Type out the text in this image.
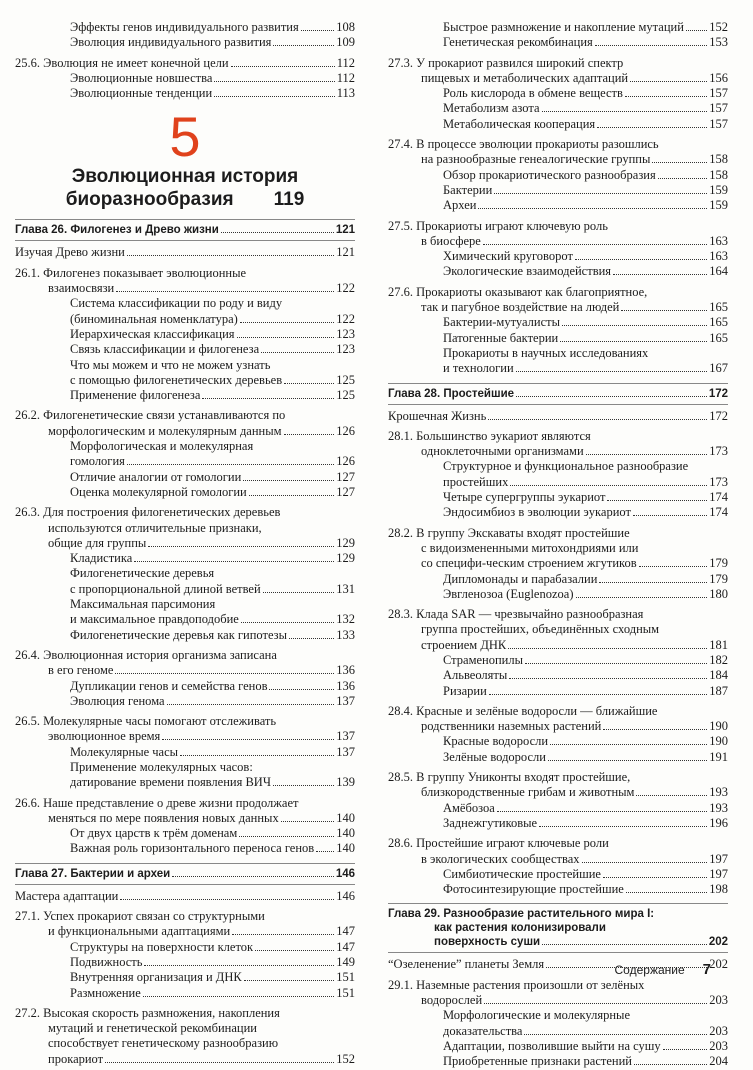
Эффекты генов индивидуального развития	108
Эволюция индивидуального развития	109
25.6. Эволюция не имеет конечной цели	112
Эволюционные новшества	112
Эволюционные тенденции	113
5
Эволюционная история
биоразнообразия 119
Глава 26. Филогенез и Древо жизни	121
Изучая Древо жизни	121
26.1. Филогенез показывает эволюционные
взаимосвязи	122
Система классификации по роду и виду
(биноминальная номенклатура)	122
Иерархическая классификация	123
Связь классификации и филогенеза	123
Что мы можем и что не можем узнать
с помощью филогенетических деревьев	125
Применение филогенеза	125
26.2. Филогенетические связи устанавливаются по
морфологическим и молекулярным данным	126
Морфологическая и молекулярная
гомология	126
Отличие аналогии от гомологии	127
Оценка молекулярной гомологии	127
26.3. Для построения филогенетических деревьев
используются отличительные признаки,
общие для группы	129
Кладистика	129
Филогенетические деревья
с пропорциональной длиной ветвей	131
Максимальная парсимония
и максимальное правдоподобие	132
Филогенетические деревья как гипотезы	133
26.4. Эволюционная история организма записана
в его геноме	136
Дупликации генов и семейства генов	136
Эволюция генома	137
26.5. Молекулярные часы помогают отслеживать
эволюционное время	137
Молекулярные часы	137
Применение молекулярных часов:
датирование времени появления ВИЧ	139
26.6. Наше представление о древе жизни продолжает
меняться по мере появления новых данных	140
От двух царств к трём доменам	140
Важная роль горизонтального переноса генов 140
Глава 27. Бактерии и археи	146
Мастера адаптации	146
27.1. Успех прокариот связан со структурными
и функциональными адаптациями	147
Структуры на поверхности клеток	147
Подвижность	149
Внутренняя организация и ДНК	151
Размножение	151
27.2. Высокая скорость размножения, накопления
мутаций и генетической рекомбинации
способствует генетическому разнообразию
прокариот	152
Быстрое размножение и накопление мутаций 152
Генетическая рекомбинация	153
27.3. У прокариот развился широкий спектр
пищевых и метаболических адаптаций	156
Роль кислорода в обмене веществ	157
Метаболизм азота	157
Метаболическая кооперация	157
27.4. В процессе эволюции прокариоты разошлись
на разнообразные генеалогические группы	158
Обзор прокариотического разнообразия	158
Бактерии	159
Археи	159
27.5. Прокариоты играют ключевую роль
в биосфере	163
Химический круговорот	163
Экологические взаимодействия	164
27.6. Прокариоты оказывают как благоприятное,
так и пагубное воздействие на людей	165
Бактерии-мутуалисты	165
Патогенные бактерии	165
Прокариоты в научных исследованиях
и технологии	167
Глава 28. Простейшие	172
Крошечная Жизнь	172
28.1. Большинство эукариот являются
одноклеточными организмами	173
Структурное и функциональное разнообразие
простейших	173
Четыре супергруппы эукариот	174
Эндосимбиоз в эволюции эукариот	174
28.2. В группу Экскаваты входят простейшие
с видоизмененными митохондриями или
со специфи-ческим строением жгутиков	179
Дипломонады и парабазалии	179
Эвгленозоа (Euglenozoa)	180
28.3. Клада SAR — чрезвычайно разнообразная
группа простейших, объединённых сходным
строением ДНК	181
Страменопилы	182
Альвеоляты	184
Ризарии	187
28.4. Красные и зелёные водоросли — ближайшие
родственники наземных растений	190
Красные водоросли	190
Зелёные водоросли	191
28.5. В группу Униконты входят простейшие,
близкородственные грибам и животным	193
Амёбозоа	193
Заднежгутиковые	196
28.6. Простейшие играют ключевые роли
в экологических сообществах	197
Симбиотические простейшие	197
Фотосинтезирующие простейшие	198
Глава 29. Разнообразие растительного мира I:
как растения колонизировали
поверхность суши	202
“Озеленение” планеты Земля	202
29.1. Наземные растения произошли от зелёных
водорослей	203
Морфологические и молекулярные
доказательства	203
Адаптации, позволившие выйти на сушу	203
Приобретенные признаки растений	204
Содержание 7
